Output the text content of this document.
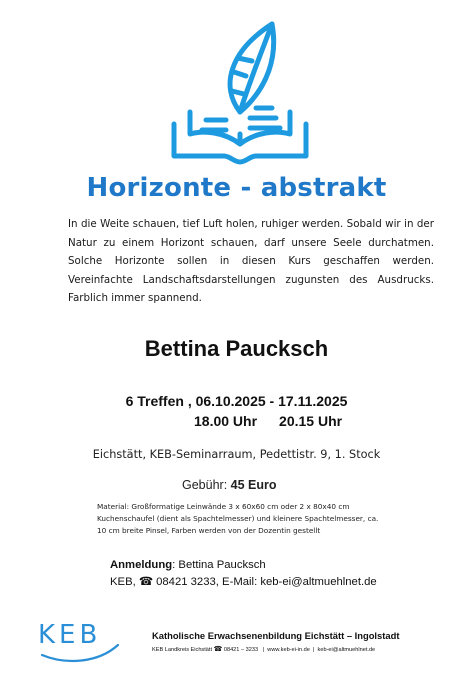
Horizonte - abstrakt
In die Weite schauen, tief Luft holen, ruhiger werden. Sobald wir in der Natur zu einem Horizont schauen, darf unsere Seele durchatmen. Solche Horizonte sollen in diesen Kurs geschaffen werden. Vereinfachte Landschaftsdarstellungen zugunsten des Ausdrucks. Farblich immer spannend.
Bettina Paucksch
6 Treffen , 06.10.2025 - 17.11.2025
18.00 Uhr 20.15 Uhr
Eichstätt, KEB-Seminarraum, Pedettistr. 9, 1. Stock
Gebühr: 45 Euro
Material: Großformatige Leinwände 3 x 60x60 cm oder 2 x 80x40 cm
Kuchenschaufel (dient als Spachtelmesser) und kleinere Spachtelmesser, ca.
10 cm breite Pinsel, Farben werden von der Dozentin gestellt
Anmeldung: Bettina Paucksch
KEB, ☎ 08421 3233, E-Mail: keb-ei@altmuehlnet.de
KEB	Katholische Erwachsenenbildung Eichstätt – Ingolstadt
KEB Landkreis Eichstätt ☎ 08421 – 3233   |  www.keb-ei-in.de  |  keb-ei@altmuehlnet.de
